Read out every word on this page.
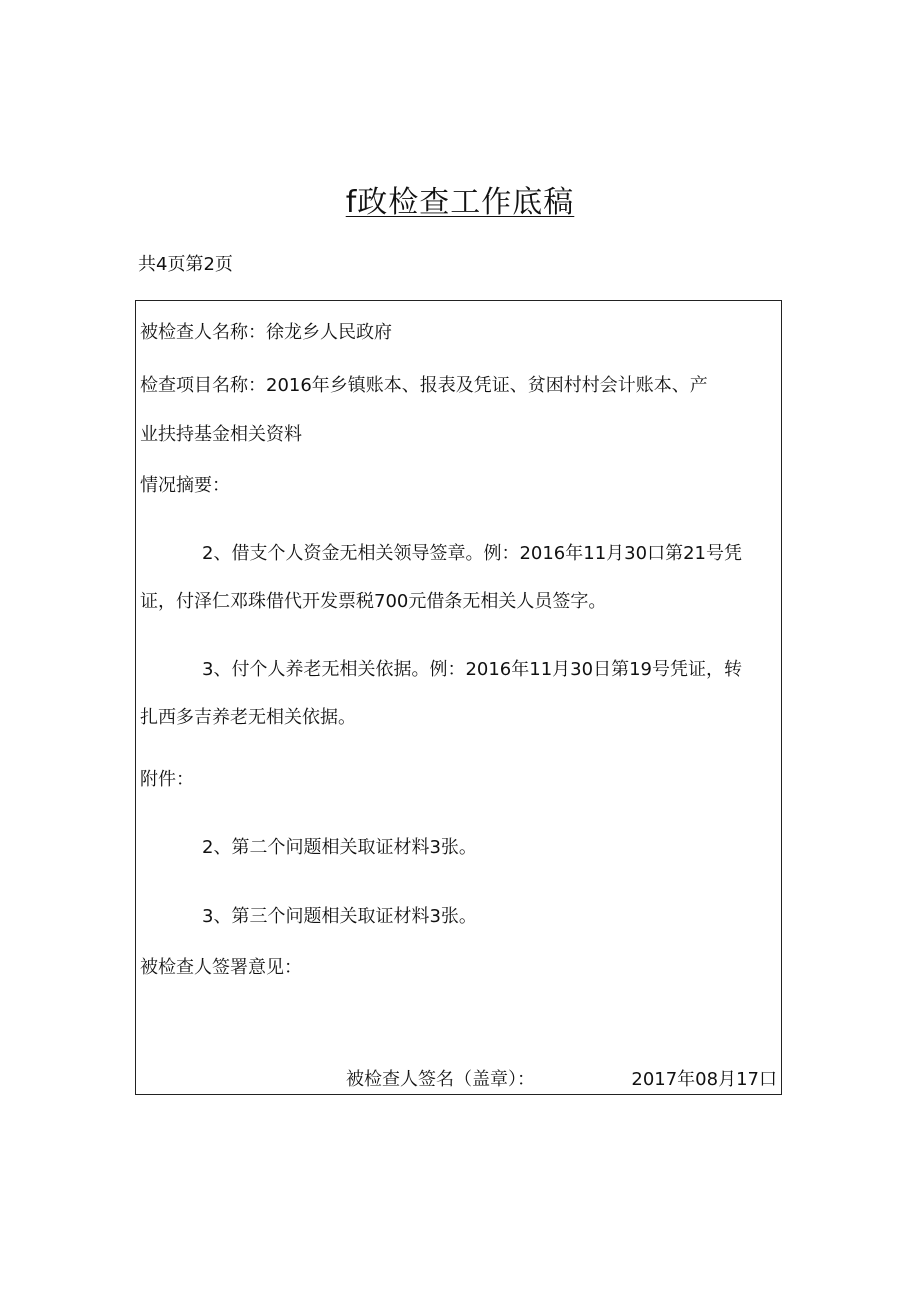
f政检查工作底稿
共4页第2页
被检查人名称：徐龙乡人民政府
检查项目名称：2016年乡镇账本、报表及凭证、贫困村村会计账本、产
业扶持基金相关资料
情况摘要：
2、借支个人资金无相关领导签章。例：2016年11月30口第21号凭
证，付泽仁邓珠借代开发票税700元借条无相关人员签字。
3、付个人养老无相关依据。例：2016年11月30日第19号凭证，转
扎西多吉养老无相关依据。
附件：
2、第二个问题相关取证材料3张。
3、第三个问题相关取证材料3张。
被检查人签署意见：
被检查人签名（盖章）：	2017年08月17口
